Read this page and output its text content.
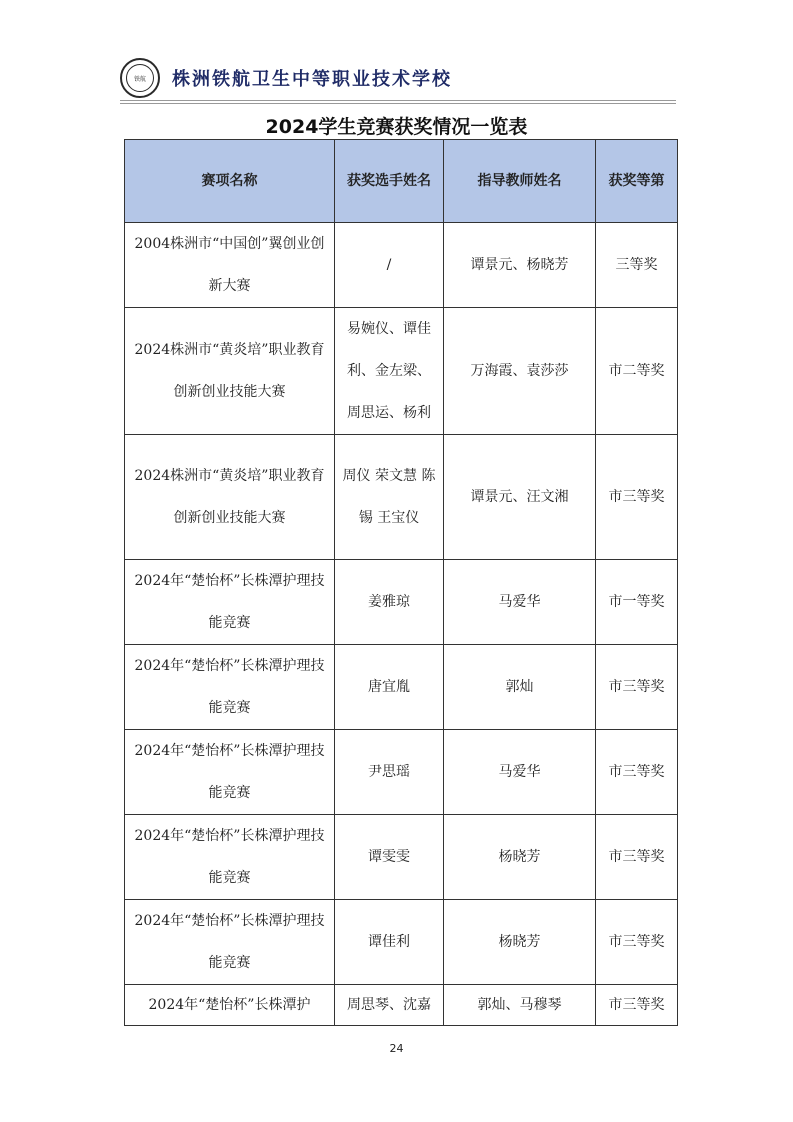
铁航	株洲铁航卫生中等职业技术学校
2024学生竞赛获奖情况一览表
赛项名称	获奖选手姓名	指导教师姓名	获奖等第
2004株洲市“中国创”翼创业创新大赛	/	谭景元、杨晓芳	三等奖
2024株洲市“黄炎培”职业教育创新创业技能大赛	易婉仪、谭佳利、金左梁、周思运、杨利	万海霞、袁莎莎	市二等奖
2024株洲市“黄炎培”职业教育创新创业技能大赛	周仪 荣文慧 陈锡 王宝仪	谭景元、汪文湘	市三等奖
2024年“楚怡杯”长株潭护理技能竞赛	姜雅琼	马爱华	市一等奖
2024年“楚怡杯”长株潭护理技能竞赛	唐宜胤	郭灿	市三等奖
2024年“楚怡杯”长株潭护理技能竞赛	尹思瑶	马爱华	市三等奖
2024年“楚怡杯”长株潭护理技能竞赛	谭雯雯	杨晓芳	市三等奖
2024年“楚怡杯”长株潭护理技能竞赛	谭佳利	杨晓芳	市三等奖
2024年“楚怡杯”长株潭护	周思琴、沈嘉	郭灿、马穆琴	市三等奖
24
